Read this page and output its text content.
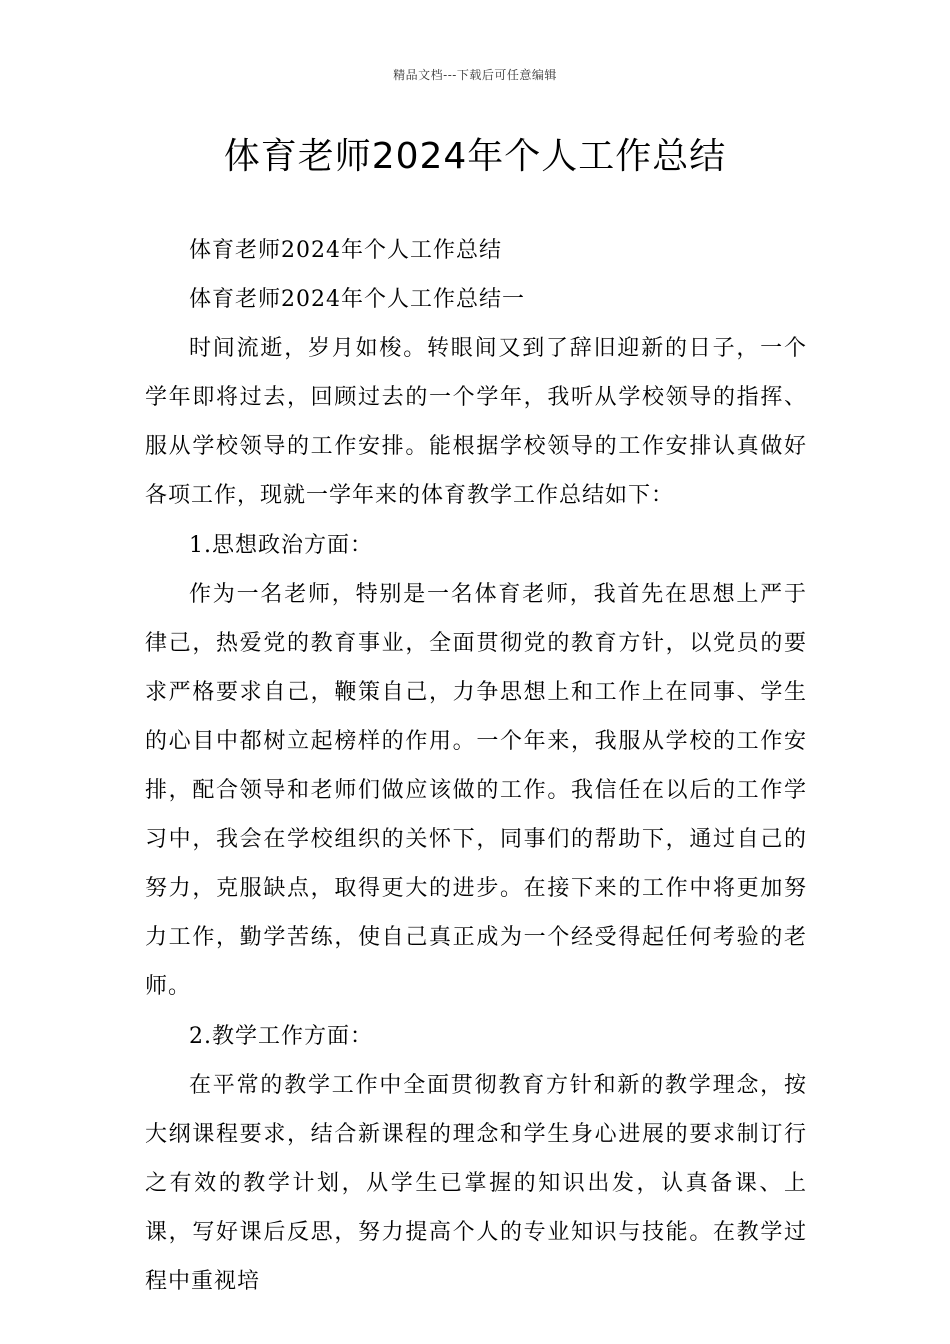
精品文档---下载后可任意编辑
体育老师2024年个人工作总结

体育老师2024年个人工作总结

体育老师2024年个人工作总结一

时间流逝，岁月如梭。转眼间又到了辞旧迎新的日子，一个学年即将过去，回顾过去的一个学年，我听从学校领导的指挥、服从学校领导的工作安排。能根据学校领导的工作安排认真做好各项工作，现就一学年来的体育教学工作总结如下：

1.思想政治方面：

作为一名老师，特别是一名体育老师，我首先在思想上严于律己，热爱党的教育事业，全面贯彻党的教育方针，以党员的要求严格要求自己，鞭策自己，力争思想上和工作上在同事、学生的心目中都树立起榜样的作用。一个年来，我服从学校的工作安排，配合领导和老师们做应该做的工作。我信任在以后的工作学习中，我会在学校组织的关怀下，同事们的帮助下，通过自己的努力，克服缺点，取得更大的进步。在接下来的工作中将更加努力工作，勤学苦练，使自己真正成为一个经受得起任何考验的老师。

2.教学工作方面：

在平常的教学工作中全面贯彻教育方针和新的教学理念，按大纲课程要求，结合新课程的理念和学生身心进展的要求制订行之有效的教学计划，从学生已掌握的知识出发，认真备课、上课，写好课后反思，努力提高个人的专业知识与技能。在教学过程中重视培
